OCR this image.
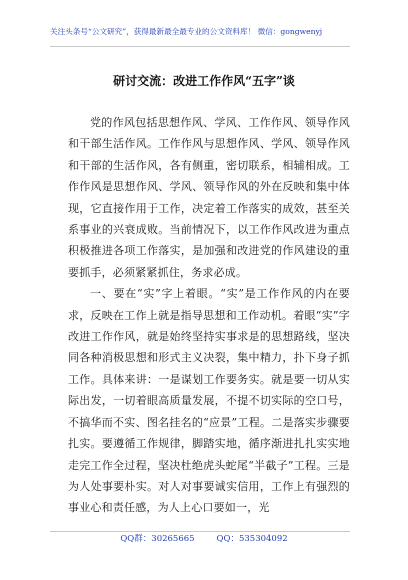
关注头条号“公文研究”，获得最新最全最专业的公文资料库！ 微信：gongwenyj
研讨交流：改进工作作风“五字”谈

党的作风包括思想作风、学风、工作作风、领导作风和干部生活作风。工作作风与思想作风、学风、领导作风和干部的生活作风，各有侧重，密切联系，相辅相成。工作作风是思想作风、学风、领导作风的外在反映和集中体现，它直接作用于工作，决定着工作落实的成效，甚至关系事业的兴衰成败。当前情况下，以工作作风改进为重点积极推进各项工作落实，是加强和改进党的作风建设的重要抓手，必须紧紧抓住，务求必成。

一、要在“实”字上着眼。“实”是工作作风的内在要求，反映在工作上就是指导思想和工作动机。着眼“实”字改进工作作风，就是始终坚持实事求是的思想路线，坚决同各种消极思想和形式主义决裂，集中精力，扑下身子抓工作。具体来讲：一是谋划工作要务实。就是要一切从实际出发，一切着眼高质量发展，不提不切实际的空口号，不搞华而不实、图名挂名的“应景”工程。二是落实步骤要扎实。要遵循工作规律，脚踏实地，循序渐进扎扎实实地走完工作全过程，坚决杜绝虎头蛇尾“半截子”工程。三是为人处事要朴实。对人对事要诚实信用，工作上有强烈的事业心和责任感，为人上心口要如一，光

QQ群：30265665	QQ：535304092
